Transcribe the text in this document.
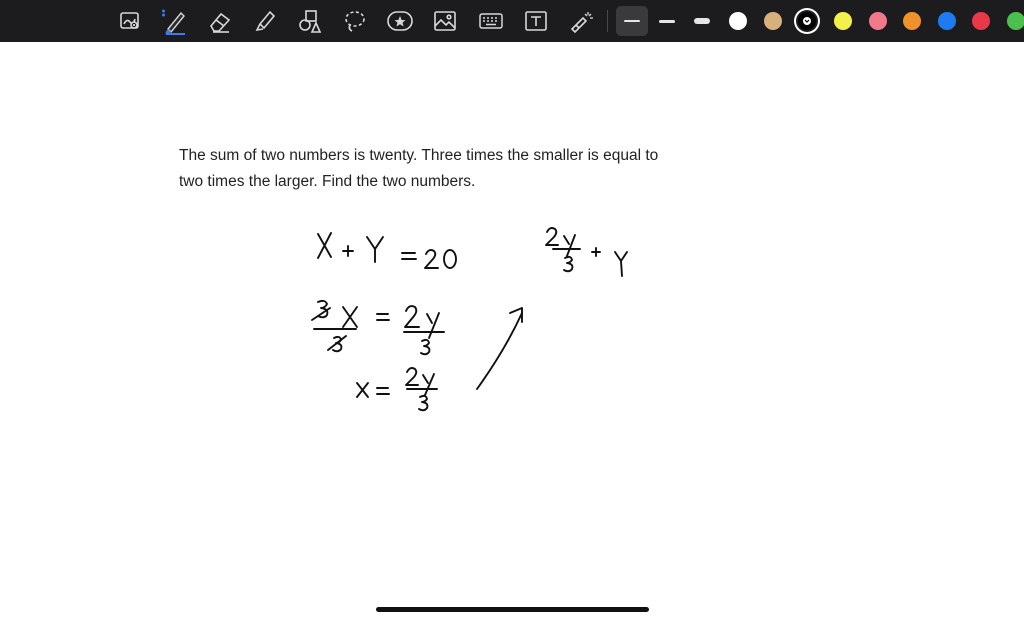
The sum of two numbers is twenty. Three times the smaller is equal to two times the larger. Find the two numbers.
